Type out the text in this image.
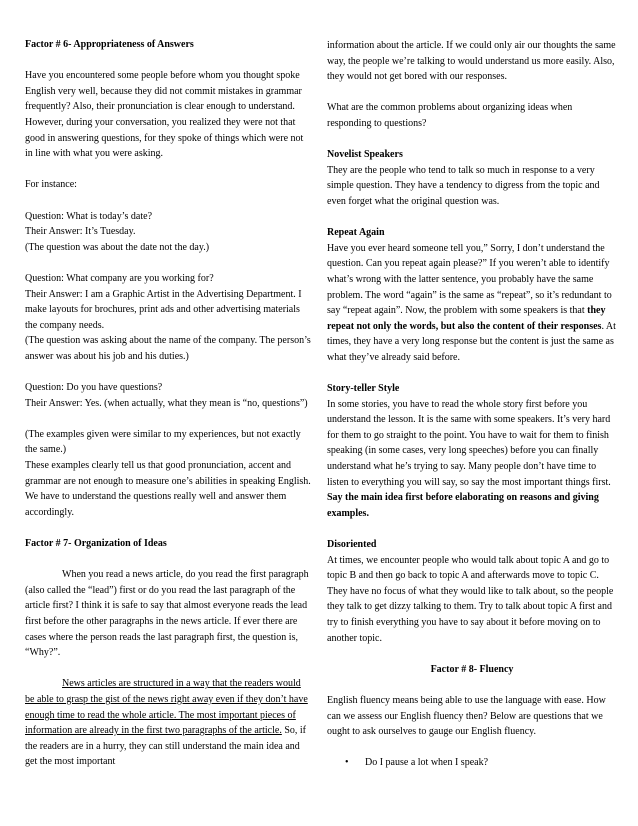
Factor # 6- Appropriateness of Answers

Have you encountered some people before whom you thought spoke English very well, because they did not commit mistakes in grammar frequently? Also, their pronunciation is clear enough to understand. However, during your conversation, you realized they were not that good in answering questions, for they spoke of things which were not in line with what you were asking.

For instance:

Question: What is today’s date?

Their Answer: It’s Tuesday.

(The question was about the date not the day.)

Question: What company are you working for?

Their Answer: I am a Graphic Artist in the Advertising Department. I make layouts for brochures, print ads and other advertising materials the company needs.

(The question was asking about the name of the company. The person’s answer was about his job and his duties.)

Question: Do you have questions?

Their Answer: Yes. (when actually, what they mean is “no, questions”)

(The examples given were similar to my experiences, but not exactly the same.)

These examples clearly tell us that good pronunciation, accent and grammar are not enough to measure one’s abilities in speaking English. We have to understand the questions really well and answer them accordingly.

Factor # 7- Organization of Ideas

When you read a news article, do you read the first paragraph (also called the “lead”) first or do you read the last paragraph of the article first? I think it is safe to say that almost everyone reads the lead first before the other paragraphs in the news article. If ever there are cases where the person reads the last paragraph first, the question is, “Why?”.

News articles are structured in a way that the readers would be able to grasp the gist of the news right away even if they don’t have enough time to read the whole article. The most important pieces of information are already in the first two paragraphs of the article. So, if the readers are in a hurry, they can still understand the main idea and get the most important

information about the article. If we could only air our thoughts the same way, the people we’re talking to would understand us more easily. Also, they would not get bored with our responses.

What are the common problems about organizing ideas when responding to questions?

Novelist Speakers

They are the people who tend to talk so much in response to a very simple question. They have a tendency to digress from the topic and even forget what the original question was.

Repeat Again

Have you ever heard someone tell you,” Sorry, I don’t understand the question. Can you repeat again please?” If you weren’t able to identify what’s wrong with the latter sentence, you probably have the same problem. The word “again” is the same as “repeat”, so it’s redundant to say “repeat again”. Now, the problem with some speakers is that they repeat not only the words, but also the content of their responses. At times, they have a very long response but the content is just the same as what they’ve already said before.

Story-teller Style

In some stories, you have to read the whole story first before you understand the lesson. It is the same with some speakers. It’s very hard for them to go straight to the point. You have to wait for them to finish speaking (in some cases, very long speeches) before you can finally understand what he’s trying to say. Many people don’t have time to listen to everything you will say, so say the most important things first. Say the main idea first before elaborating on reasons and giving examples.

Disoriented

At times, we encounter people who would talk about topic A and go to topic B and then go back to topic A and afterwards move to topic C. They have no focus of what they would like to talk about, so the people they talk to get dizzy talking to them. Try to talk about topic A first and try to finish everything you have to say about it before moving on to another topic.

Factor # 8- Fluency

English fluency means being able to use the language with ease. How can we assess our English fluency then? Below are questions that we ought to ask ourselves to gauge our English fluency.

• Do I pause a lot when I speak?
